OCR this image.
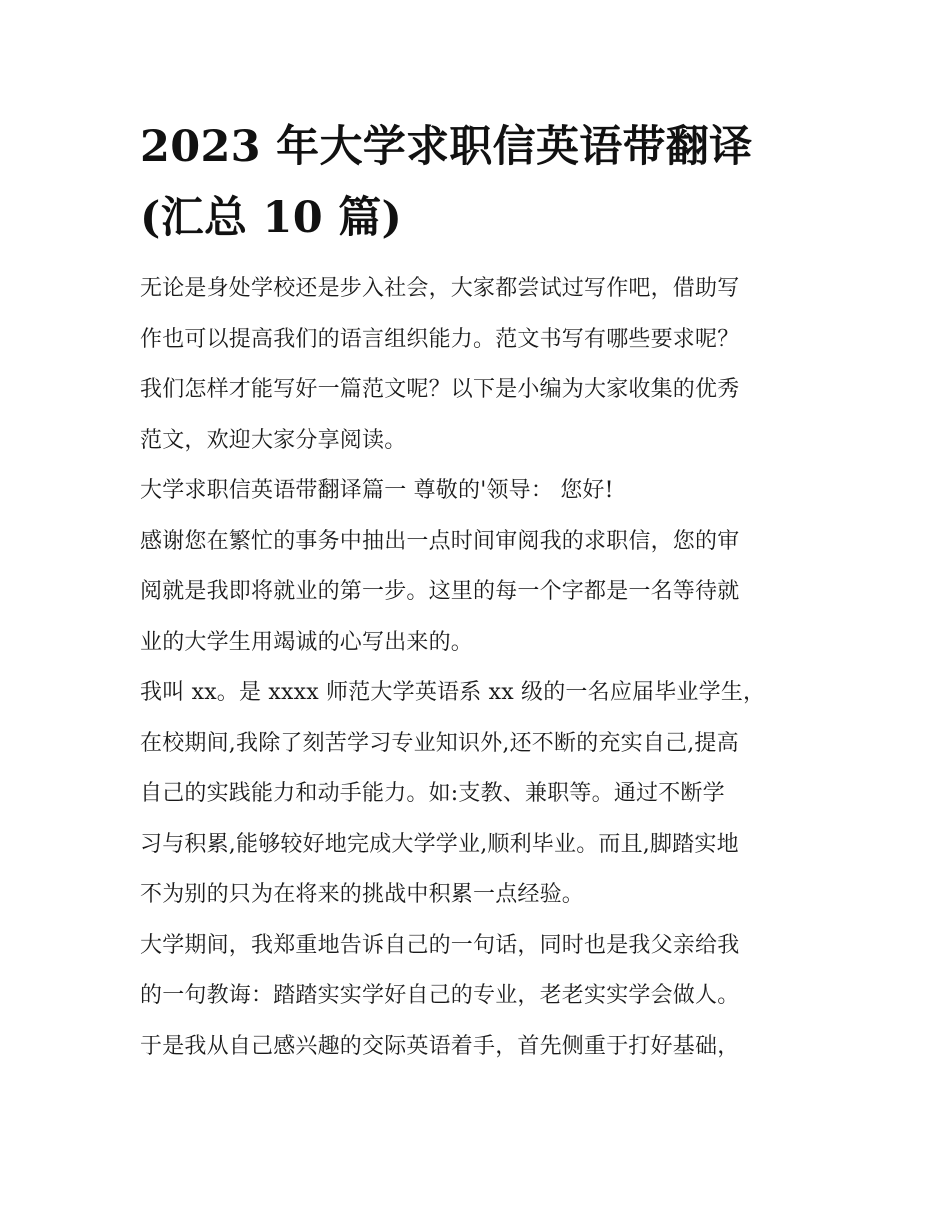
2023 年大学求职信英语带翻译
(汇总 10 篇)

无论是身处学校还是步入社会，大家都尝试过写作吧，借助写
作也可以提高我们的语言组织能力。范文书写有哪些要求呢？
我们怎样才能写好一篇范文呢？以下是小编为大家收集的优秀
范文，欢迎大家分享阅读。

大学求职信英语带翻译篇一 尊敬的'领导： 您好!

感谢您在繁忙的事务中抽出一点时间审阅我的求职信，您的审
阅就是我即将就业的第一步。这里的每一个字都是一名等待就
业的大学生用竭诚的心写出来的。

我叫 xx。是 xxxx 师范大学英语系 xx 级的一名应届毕业学生，
在校期间,我除了刻苦学习专业知识外,还不断的充实自己,提高
自己的实践能力和动手能力。如:支教、兼职等。通过不断学
习与积累,能够较好地完成大学学业,顺利毕业。而且,脚踏实地
不为别的只为在将来的挑战中积累一点经验。

大学期间，我郑重地告诉自己的一句话，同时也是我父亲给我
的一句教诲：踏踏实实学好自己的专业，老老实实学会做人。
于是我从自己感兴趣的交际英语着手，首先侧重于打好基础，
